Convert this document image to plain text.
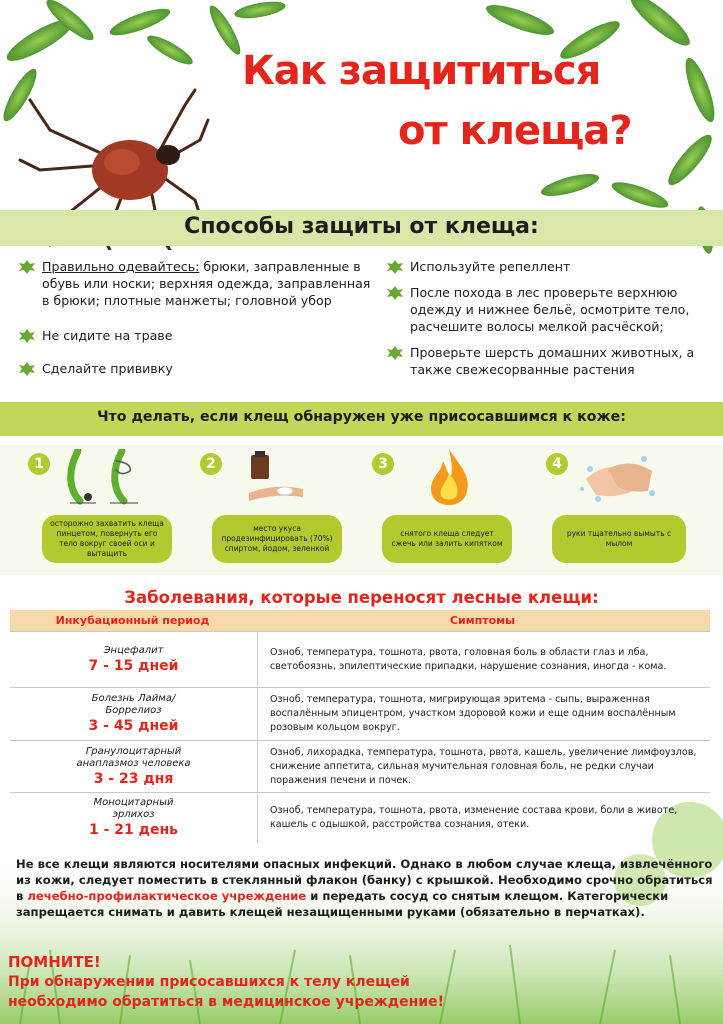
Как защититься
от клеща?
Способы защиты от клеща:
Правильно одевайтесь: брюки, заправленные в обувь или носки; верхняя одежда, заправленная в брюки; плотные манжеты; головной убор
Не сидите на траве
Сделайте прививку
Используйте репеллент
После похода в лес проверьте верхнюю одежду и нижнее бельё, осмотрите тело, расчешите волосы мелкой расчёской;
Проверьте шерсть домашних животных, а также свежесорванные растения
Что делать, если клещ обнаружен уже присосавшимся к коже:
1
осторожно захватить клеща пинцетом, повернуть его тело вокруг своей оси и вытащить
2
место укуса продезинфицировать (70%) спиртом, йодом, зеленкой
3
снятого клеща следует сжечь или залить кипятком
4
руки тщательно вымыть с мылом
Заболевания, которые переносят лесные клещи:
Инкубационный период	Симптомы
Энцефалит
7 - 15 дней	Озноб, температура, тошнота, рвота, головная боль в области глаз и лба, светобоязнь, эпилептические припадки, нарушение сознания, иногда - кома.

Болезнь Лайма/
Боррелиоз
3 - 45 дней	Озноб, температура, тошнота, мигрирующая эритема - сыпь, выраженная воспалённым эпицентром, участком здоровой кожи и еще одним воспалённым розовым кольцом вокруг.

Гранулоцитарный
анаплазмоз человека
3 - 23 дня	Озноб, лихорадка, температура, тошнота, рвота, кашель, увеличение лимфоузлов, снижение аппетита, сильная мучительная головная боль, не редки случаи поражения печени и почек.

Моноцитарный
эрлихоз
1 - 21 день	Озноб, температура, тошнота, рвота, изменение состава крови, боли в животе, кашель с одышкой, расстройства сознания, отеки.
Не все клещи являются носителями опасных инфекций. Однако в любом случае клеща, извлечённого из кожи, следует поместить в стеклянный флакон (банку) с крышкой. Необходимо срочно обратиться в лечебно-профилактическое учреждение и передать сосуд со снятым клещом. Категорически запрещается снимать и давить клещей незащищенными руками (обязательно в перчатках).
ПОМНИТЕ!
При обнаружении присосавшихся к телу клещей необходимо обратиться в медицинское учреждение!
